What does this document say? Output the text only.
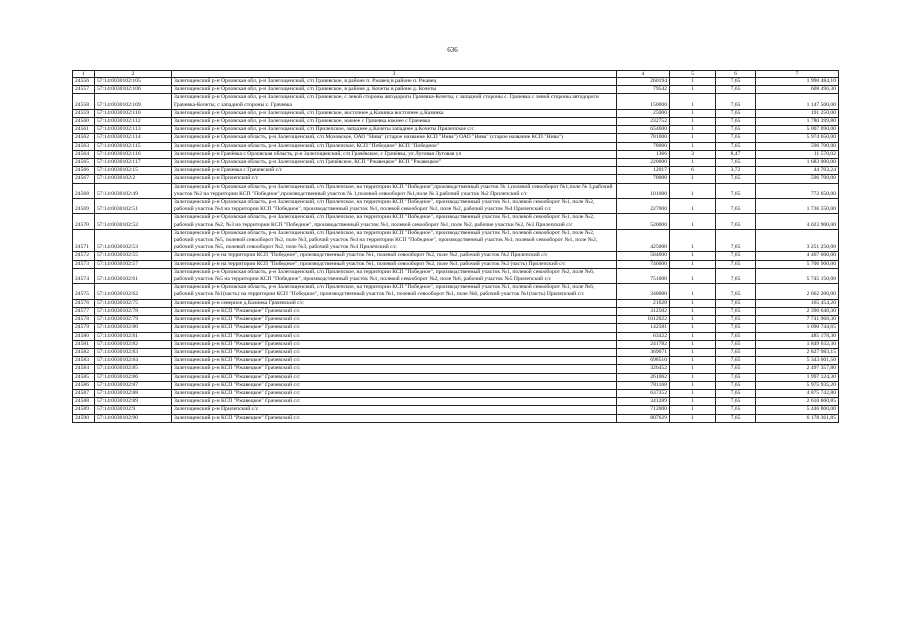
636
1	2	3	4	5	6	7
24556	57:14:0030102:105	Залегощенский р-н Орловская обл, р-н Залегощенский, с/п Грачевское, в районе п. Ржавец в районе п. Ржавец	260194	1	7,65	1 990 484,10
24557	57:14:0030102:106	Залегощенский р-н Орловская обл, р-н Залегощенский, с/п Грачевское, в районе д. Кочеты в районе д. Кочеты	79542	1	7,65	608 496,30
24558	57:14:0030102:109	Залегощенский р-н Орловская обл, р-н Залегощенский, с/п Грачевское, с левой стороны автодороги Грачевка-Кочеты, с западной стороны с. Грачевка с левой стороны автодороги Грачевка-Кочеты, с западной стороны с. Грачевка	150000	1	7,65	1 147 500,00
24559	57:14:0030102:110	Залегощенский р-н Орловская обл, р-н Залегощенский, с/п Грачевское, восточнее д.Казинка восточнее д.Казинка	25000	1	7,65	191 250,00
24560	57:14:0030102:112	Залегощенский р-н Орловская обл, р-н Залегощенский, с/п Грачевское, южнее с Грачевка южнее с Грачевка	232752	1	7,65	1 780 399,80
24561	57:14:0030102:113	Залегощенский р-н Орловская обл, р-н Залегощенский, с/п Прилепское, западнее д.Кочеты западнее д.Кочеты Прилепское с/с	654600	1	7,65	5 007 690,00
24562	57:14:0030102:114	Залегощенский р-н Орловская область, р-н Залегощенский, с/п Моховское, ОАО "Нива" (старое название КСП "Нива") ОАО "Нива" (старое название КСП "Нива")	781000	1	7,65	5 974 650,00
24563	57:14:0030102:115	Залегощенский р-н Орловская область, р-н Залегощенский, с/п Прилепское, КСП "Победное" КСП "Победное"	78000	1	7,65	596 700,00
24564	57:14:0030102:116	Залегощенский р-н Грачёвка с Орловская область, р-н Залегощенский, с/п Грачёвское, с Грачёвка, ул Луговая Луговая ул	1366	3	8,47	11 570,02
24565	57:14:0030102:117	Залегощенский р-н Орловская область, р-н Залегощенский, с/п Грачёвское, КСП "Ржавецкое" КСП "Ржавецкое"	220000	1	7,65	1 683 000,00
24566	57:14:0030102:15	Залегощенский р-н Грачевка с Грачевский с/с	12017	6	3,72	44 703,24
24567	57:14:0030102:2	Залегощенский р-н Прилепский с/с	78000	1	7,65	596 700,00
24568	57:14:0030102:49	Залегощенский р-н Орловская область, р-н Залегощенский, с/п Прилепское, на территории КСП "Победное",производственный участок № 1,полевой севооборот №1,поле № 3,рабочий участок №2 на территории КСП "Победное",производственный участок № 1,полевой севооборот №1,поле № 3,рабочий участок №2 Прилепский с/с	101000	1	7,65	772 650,00
24569	57:14:0030102:51	Залегощенский р-н Орловская область, р-н Залегощенский, с/п Прилепское, на территории КСП "Победное", производственный участок №1, полевой севооборот №1, поле №2, рабочий участок №4 на территории КСП "Победное", производственный участок №1, полевой севооборот №1, поле №2, рабочий участок №4 Прилепский с/с	227000	1	7,65	1 736 550,00
24570	57:14:0030102:52	Залегощенский р-н Орловская область, р-н Залегощенский, с/п Прилепское, на территории КСП "Победное", производственный участок №1, полевой севооборот №1, поле №2, рабочий участок №2, №3 на территории КСП "Победное", производственный участок №1, полевой севооборот №1, поле №2, рабочие участки №2, №3 Прилепский с/с	526000	1	7,65	4 023 900,00
24571	57:14:0030102:53	Залегощенский р-н Орловская область, р-н Залегощенский, с/п Прилепское, на территории КСП "Победное", производственный участок №1, полевой севооборот №1, поле №2, рабочий участок №5, полевой севооборот №2, поле №3, рабочий участок №4 на территории КСП "Победное", производственный участок №1, полевой севооборот №1, поле №2, рабочий участок №5, полевой севооборот №2, поле №3, рабочий участок №4 Прилепский с/с	425000	1	7,65	3 251 250,00
24572	57:14:0030102:55	Залегощенский р-н на территории КСП "Победное", производственный участок №1, полевой севооборот №2, поле №2, рабочий участок №2 Прилепский с/с	584000	1	7,65	4 467 600,00
24573	57:14:0030102:57	Залегощенский р-н на территории КСП "Победное", производственный участок №1, полевой севооборот №2, поле №3, рабочий участок №2 (часть) Прилепский с/с	746000	1	7,65	5 706 900,00
24574	57:14:0030102:61	Залегощенский р-н Орловская область, р-н Залегощенский, с/п Прилепское, на территории КСП "Победное", производственный участок №1, полевой севооборот №2, поле №6, рабочий участок №5 на территории КСП "Победное", производственный участок №1, полевой севооборот №2, поле №6, рабочий участок №5 Прилепский с/с	751000	1	7,65	5 745 150,00
24575	57:14:0030102:62	Залегощенский р-н Орловская область, р-н Залегощенский, с/п Прилепское, на территории КСП "Победное", производственный участок №1, полевой севооборот №1, поле №6, рабочий участок №1(часть) на территории КСП "Победное", производственный участок №1, полевой севооборот №1, поле №6, рабочий участок №1(часть) Прилепский с/с	348000	1	7,65	2 662 200,00
24576	57:14:0030102:75	Залегощенский р-н северное д.Казинка Грачевский с/с	21628	1	7,65	165 454,20
24577	57:14:0030102:78	Залегощенский р-н КСП "Ржавецкое" Грачевский с/с	312502	1	7,65	2 390 640,30
24578	57:14:0030102:79	Залегощенский р-н КСП "Ржавецкое" Грачевский с/с	1012022	1	7,65	7 741 968,30
24579	57:14:0030102:80	Залегощенский р-н КСП "Ржавецкое" Грачевский с/с	142581	1	7,65	1 090 744,65
24580	57:14:0030102:81	Залегощенский р-н КСП "Ржавецкое" Грачевский с/с	63422	1	7,65	485 178,30
24581	57:14:0030102:82	Залегощенский р-н КСП "Ржавецкое" Грачевский с/с	241782	1	7,65	1 849 632,30
24582	57:14:0030102:83	Залегощенский р-н КСП "Ржавецкое" Грачевский с/с	369671	1	7,65	2 827 983,15
24583	57:14:0030102:84	Залегощенский р-н КСП "Ржавецкое" Грачевский с/с	698510	1	7,65	5 343 601,50
24584	57:14:0030102:85	Залегощенский р-н КСП "Ржавецкое" Грачевский с/с	326452	1	7,65	2 497 357,80
24585	57:14:0030102:86	Залегощенский р-н КСП "Ржавецкое" Грачевский с/с	261062	1	7,65	1 997 124,30
24586	57:14:0030102:87	Залегощенский р-н КСП "Ржавецкое" Грачевский с/с	781168	1	7,65	5 975 935,20
24587	57:14:0030102:88	Залегощенский р-н КСП "Ржавецкое" Грачевский с/с	637352	1	7,65	4 875 742,80
24588	57:14:0030102:89	Залегощенский р-н КСП "Ржавецкое" Грачевский с/с	341289	1	7,65	2 610 860,85
24589	57:14:0030102:9	Залегощенский р-н Прилепский с/с	712000	1	7,65	5 446 800,00
24590	57:14:0030102:90	Залегощенский р-н КСП "Ржавецкое" Грачевский с/с	807629	1	7,65	6 178 361,85
